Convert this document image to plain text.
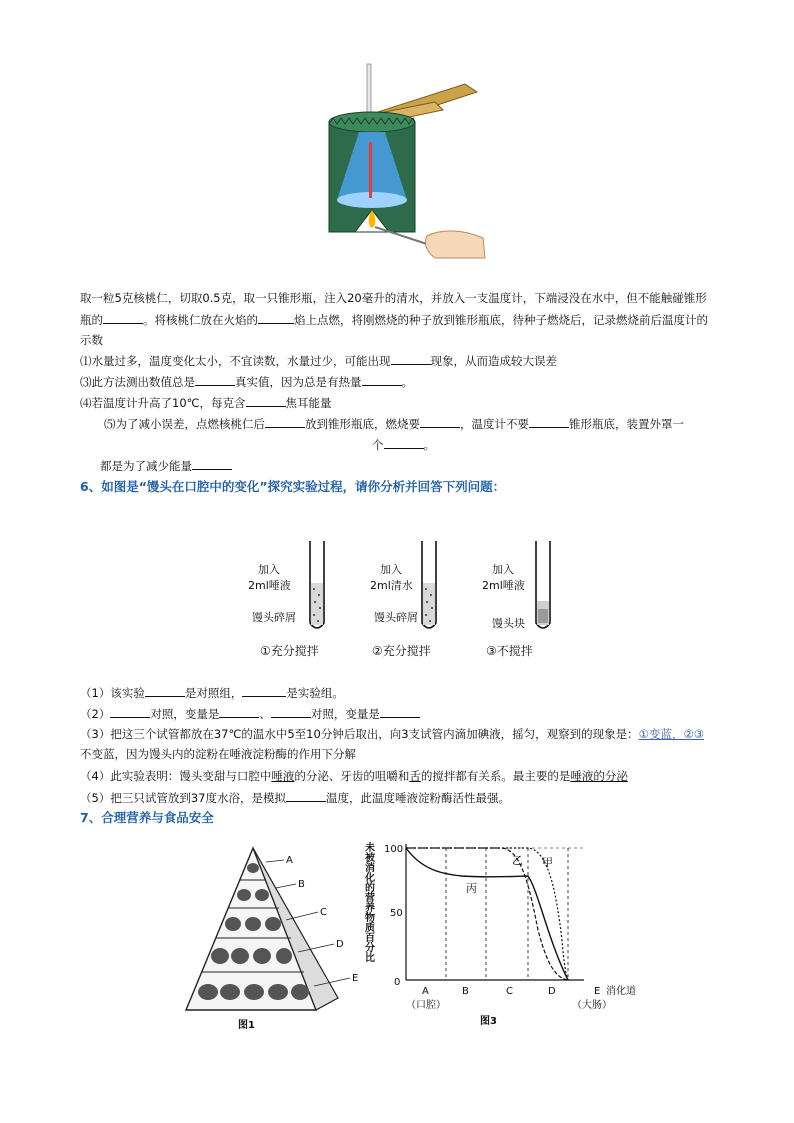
取一粒5克核桃仁，切取0.5克，取一只锥形瓶，注入20毫升的清水，并放入一支温度计，下端浸没在水中，但不能触碰锥形
瓶的	。将核桃仁放在火焰的	焰上点燃，将刚燃烧的种子放到锥形瓶底，待种子燃烧后，记录燃烧前后温度计的
示数
⑴水量过多，温度变化太小，不宜读数，水量过少，可能出现	现象，从而造成较大误差
⑶此方法测出数值总是	真实值，因为总是有热量	。
⑷若温度计升高了10℃，每克含	焦耳能量
⑸为了减小误差，点燃核桃仁后	放到锥形瓶底，燃烧要	，温度计不要	锥形瓶底，装置外罩一
个	。
都是为了减少能量
6、如图是“馒头在口腔中的变化”探究实验过程，请你分析并回答下列问题：
加入
2ml唾液
馒头碎屑
①充分搅拌
加入
2ml清水
馒头碎屑
②充分搅拌
加入
2ml唾液
馒头块
③不搅拌
（1）该实验	是对照组，	是实验组。
（2）	对照，变量是	、	对照，变量是
（3）把这三个试管都放在37℃的温水中5至10分钟后取出，向3支试管内滴加碘液，摇匀，观察到的现象是：①变蓝，②③
不变蓝，因为馒头内的淀粉在唾液淀粉酶的作用下分解
（4）此实验表明：馒头变甜与口腔中唾液的分泌、牙齿的咀嚼和舌的搅拌都有关系。最主要的是唾液的分泌
（5）把三只试管放到37度水浴，是模拟	温度，此温度唾液淀粉酶活性最强。
7、合理营养与食品安全
A
B
C
D
E
图1
未被消化的营养物质百分比 100
50
0
乙 甲
丙
A	B	C	D	E 消化道
（口腔）	（大肠）
图3
